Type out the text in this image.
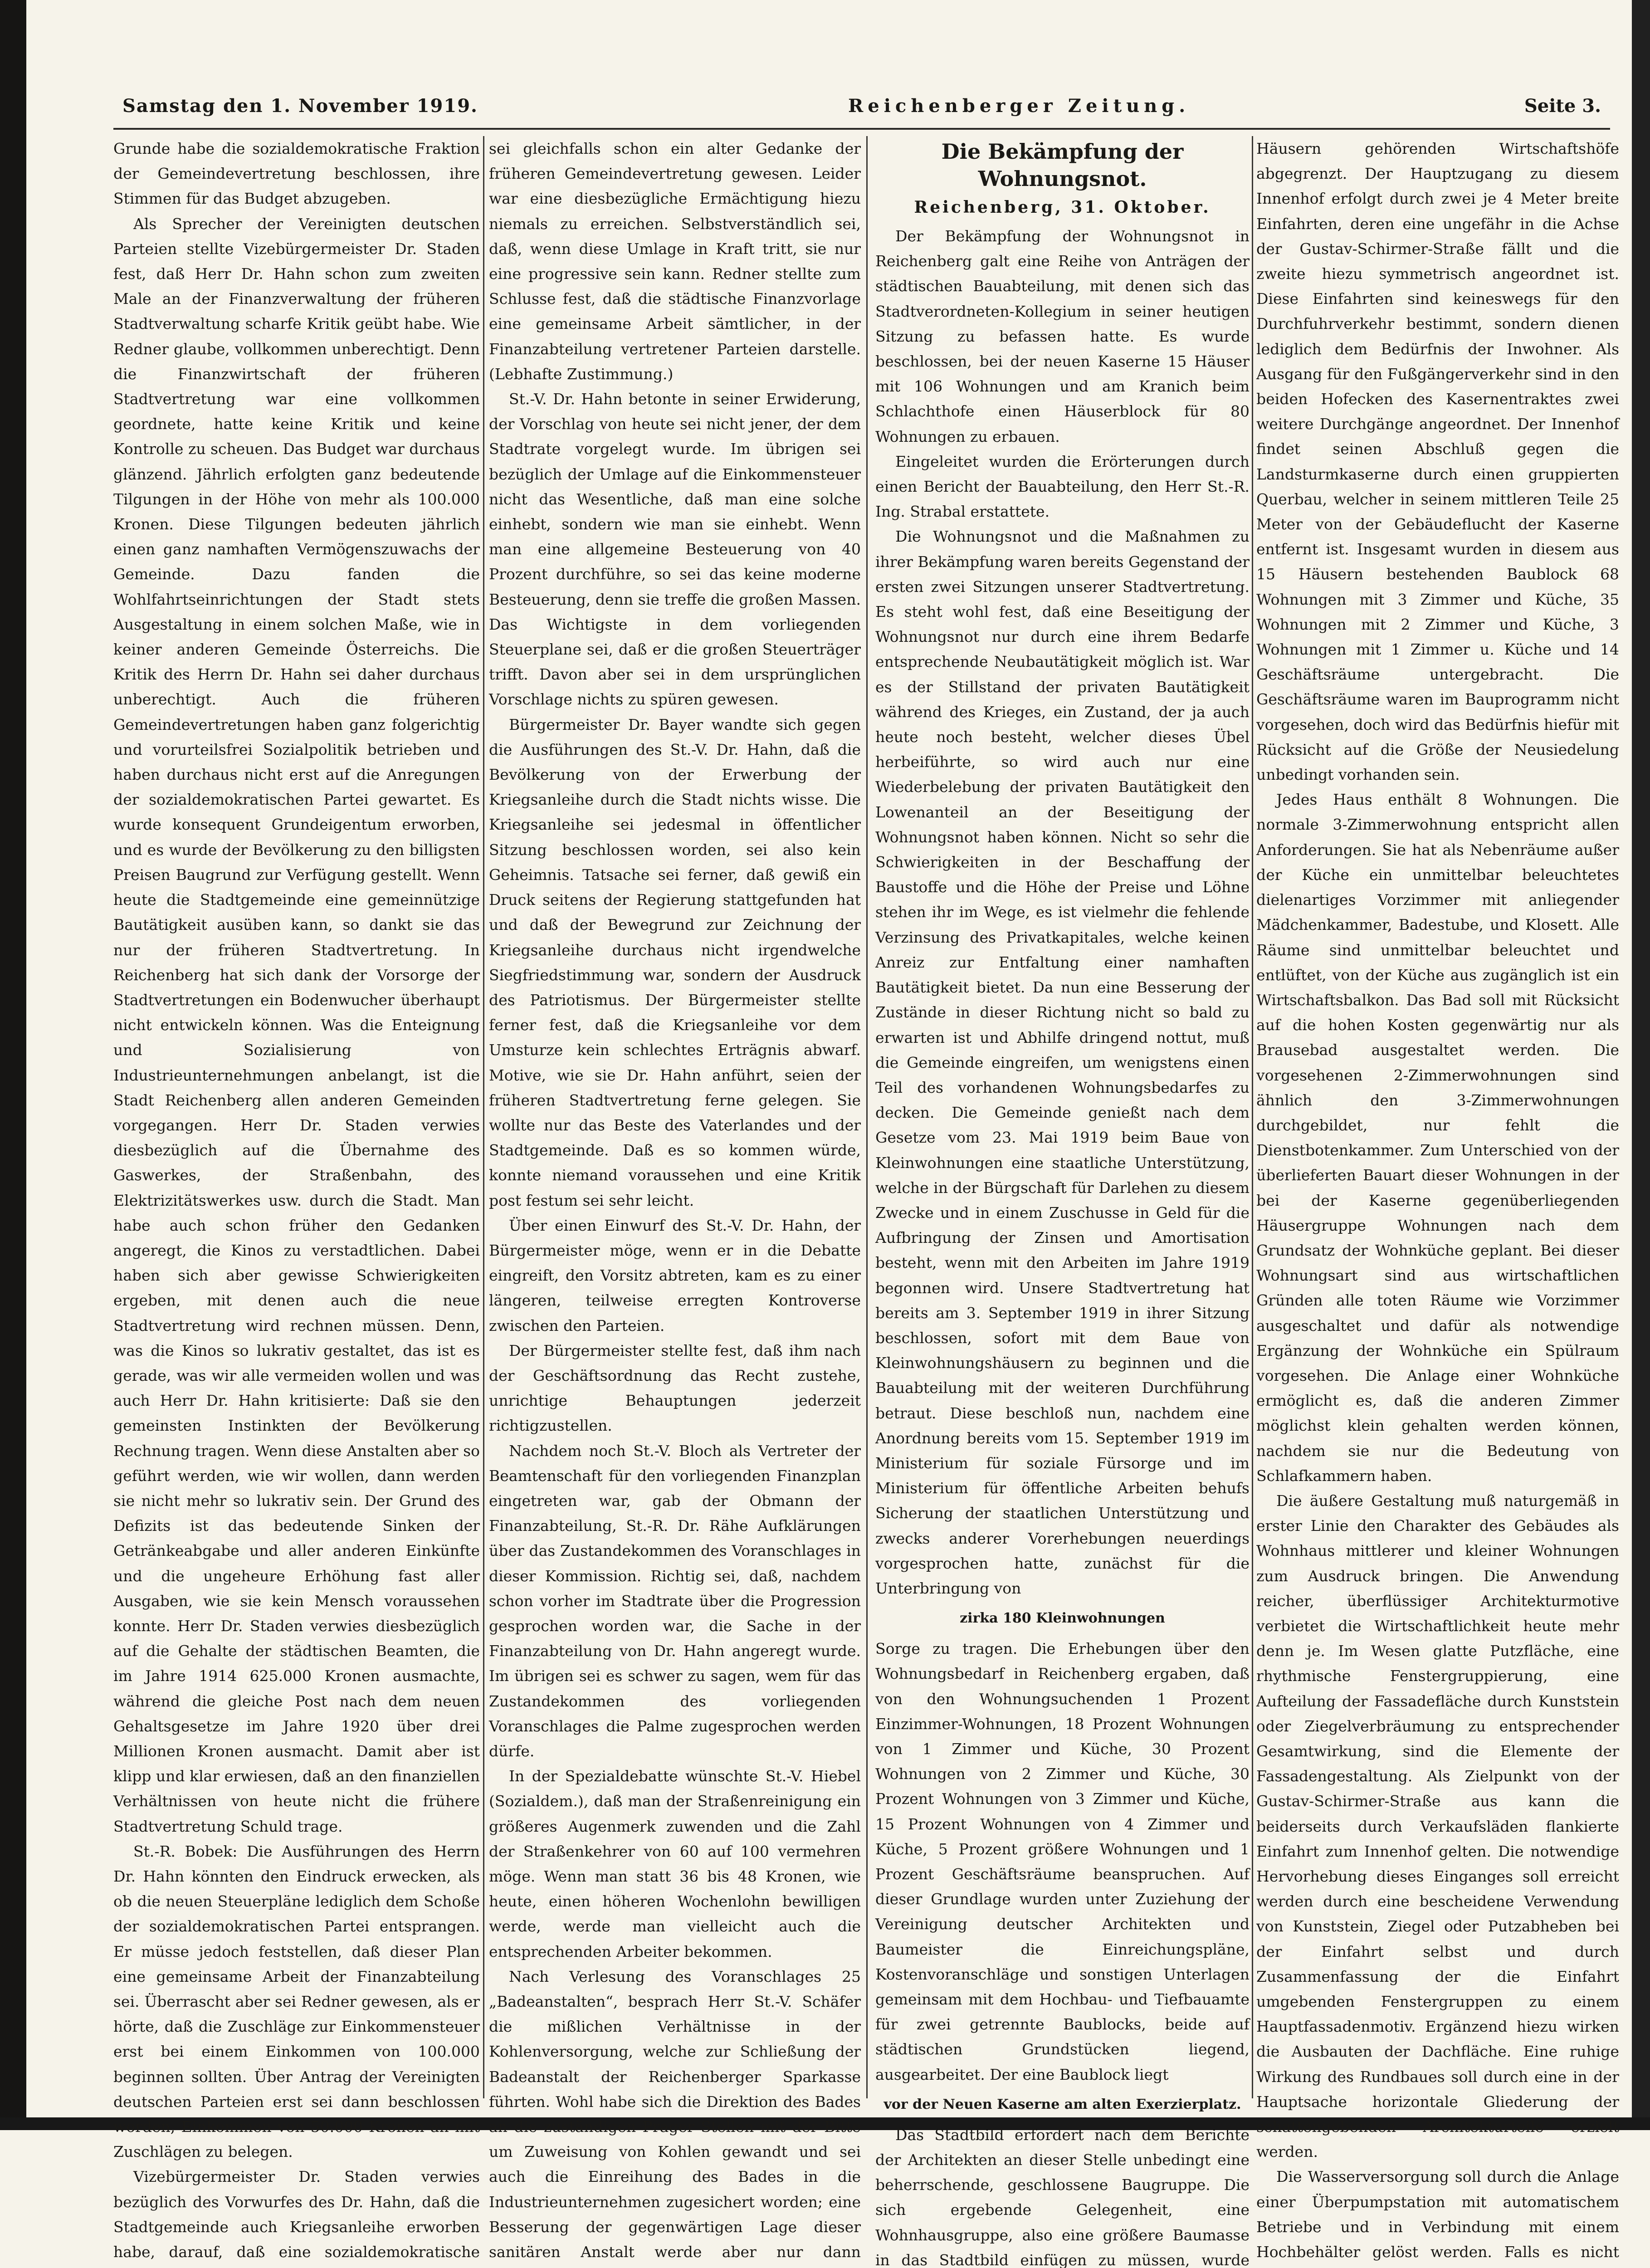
Samstag den 1. November 1919.	Reichenberger Zeitung.	Seite 3.

Grunde habe die sozialdemokratische Fraktion der Gemeindevertretung beschlossen, ihre Stimmen für das Budget abzugeben.

Als Sprecher der Vereinigten deutschen Parteien stellte Vizebürgermeister Dr. Staden fest, daß Herr Dr. Hahn schon zum zweiten Male an der Finanzverwaltung der früheren Stadtverwaltung scharfe Kritik geübt habe. Wie Redner glaube, vollkommen unberechtigt. Denn die Finanzwirtschaft der früheren Stadtvertretung war eine vollkommen geordnete, hatte keine Kritik und keine Kontrolle zu scheuen. Das Budget war durchaus glänzend. Jährlich erfolgten ganz bedeutende Tilgungen in der Höhe von mehr als 100.000 Kronen. Diese Tilgungen bedeuten jährlich einen ganz namhaften Vermögenszuwachs der Gemeinde. Dazu fanden die Wohlfahrtseinrichtungen der Stadt stets Ausgestaltung in einem solchen Maße, wie in keiner anderen Gemeinde Österreichs. Die Kritik des Herrn Dr. Hahn sei daher durchaus unberechtigt. Auch die früheren Gemeindevertretungen haben ganz folgerichtig und vorurteilsfrei Sozialpolitik betrieben und haben durchaus nicht erst auf die Anregungen der sozialdemokratischen Partei gewartet. Es wurde konsequent Grundeigentum erworben, und es wurde der Bevölkerung zu den billigsten Preisen Baugrund zur Verfügung gestellt. Wenn heute die Stadtgemeinde eine gemeinnützige Bautätigkeit ausüben kann, so dankt sie das nur der früheren Stadtvertretung. In Reichenberg hat sich dank der Vorsorge der Stadtvertretungen ein Bodenwucher überhaupt nicht entwickeln können. Was die Enteignung und Sozialisierung von Industrieunternehmungen anbelangt, ist die Stadt Reichenberg allen anderen Gemeinden vorgegangen. Herr Dr. Staden verwies diesbezüglich auf die Übernahme des Gaswerkes, der Straßenbahn, des Elektrizitätswerkes usw. durch die Stadt. Man habe auch schon früher den Gedanken angeregt, die Kinos zu verstadtlichen. Dabei haben sich aber gewisse Schwierigkeiten ergeben, mit denen auch die neue Stadtvertretung wird rechnen müssen. Denn, was die Kinos so lukrativ gestaltet, das ist es gerade, was wir alle vermeiden wollen und was auch Herr Dr. Hahn kritisierte: Daß sie den gemeinsten Instinkten der Bevölkerung Rechnung tragen. Wenn diese Anstalten aber so geführt werden, wie wir wollen, dann werden sie nicht mehr so lukrativ sein. Der Grund des Defizits ist das bedeutende Sinken der Getränkeabgabe und aller anderen Einkünfte und die ungeheure Erhöhung fast aller Ausgaben, wie sie kein Mensch voraussehen konnte. Herr Dr. Staden verwies diesbezüglich auf die Gehalte der städtischen Beamten, die im Jahre 1914 625.000 Kronen ausmachte, während die gleiche Post nach dem neuen Gehaltsgesetze im Jahre 1920 über drei Millionen Kronen ausmacht. Damit aber ist klipp und klar erwiesen, daß an den finanziellen Verhältnissen von heute nicht die frühere Stadtvertretung Schuld trage.

St.-R. Bobek: Die Ausführungen des Herrn Dr. Hahn könnten den Eindruck erwecken, als ob die neuen Steuerpläne lediglich dem Schoße der sozialdemokratischen Partei entsprangen. Er müsse jedoch feststellen, daß dieser Plan eine gemeinsame Arbeit der Finanzabteilung sei. Überrascht aber sei Redner gewesen, als er hörte, daß die Zuschläge zur Einkommensteuer erst bei einem Einkommen von 100.000 beginnen sollten. Über Antrag der Vereinigten deutschen Parteien erst sei dann beschlossen worden, Einkommen von 50.000 Kronen an mit Zuschlägen zu belegen.

Vizebürgermeister Dr. Staden verwies bezüglich des Vorwurfes des Dr. Hahn, daß die Stadtgemeinde auch Kriegsanleihe erworben habe, darauf, daß eine sozialdemokratische

sei gleichfalls schon ein alter Gedanke der früheren Gemeindevertretung gewesen. Leider war eine diesbezügliche Ermächtigung hiezu niemals zu erreichen. Selbstverständlich sei, daß, wenn diese Umlage in Kraft tritt, sie nur eine progressive sein kann. Redner stellte zum Schlusse fest, daß die städtische Finanzvorlage eine gemeinsame Arbeit sämtlicher, in der Finanzabteilung vertretener Parteien darstelle. (Lebhafte Zustimmung.)

St.-V. Dr. Hahn betonte in seiner Erwiderung, der Vorschlag von heute sei nicht jener, der dem Stadtrate vorgelegt wurde. Im übrigen sei bezüglich der Umlage auf die Einkommensteuer nicht das Wesentliche, daß man eine solche einhebt, sondern wie man sie einhebt. Wenn man eine allgemeine Besteuerung von 40 Prozent durchführe, so sei das keine moderne Besteuerung, denn sie treffe die großen Massen. Das Wichtigste in dem vorliegenden Steuerplane sei, daß er die großen Steuerträger trifft. Davon aber sei in dem ursprünglichen Vorschlage nichts zu spüren gewesen.

Bürgermeister Dr. Bayer wandte sich gegen die Ausführungen des St.-V. Dr. Hahn, daß die Bevölkerung von der Erwerbung der Kriegsanleihe durch die Stadt nichts wisse. Die Kriegsanleihe sei jedesmal in öffentlicher Sitzung beschlossen worden, sei also kein Geheimnis. Tatsache sei ferner, daß gewiß ein Druck seitens der Regierung stattgefunden hat und daß der Bewegrund zur Zeichnung der Kriegsanleihe durchaus nicht irgendwelche Siegfriedstimmung war, sondern der Ausdruck des Patriotismus. Der Bürgermeister stellte ferner fest, daß die Kriegsanleihe vor dem Umsturze kein schlechtes Erträgnis abwarf. Motive, wie sie Dr. Hahn anführt, seien der früheren Stadtvertretung ferne gelegen. Sie wollte nur das Beste des Vaterlandes und der Stadtgemeinde. Daß es so kommen würde, konnte niemand voraussehen und eine Kritik post festum sei sehr leicht.

Über einen Einwurf des St.-V. Dr. Hahn, der Bürgermeister möge, wenn er in die Debatte eingreift, den Vorsitz abtreten, kam es zu einer längeren, teilweise erregten Kontroverse zwischen den Parteien.

Der Bürgermeister stellte fest, daß ihm nach der Geschäftsordnung das Recht zustehe, unrichtige Behauptungen jederzeit richtigzustellen.

Nachdem noch St.-V. Bloch als Vertreter der Beamtenschaft für den vorliegenden Finanzplan eingetreten war, gab der Obmann der Finanzabteilung, St.-R. Dr. Rähe Aufklärungen über das Zustandekommen des Voranschlages in dieser Kommission. Richtig sei, daß, nachdem schon vorher im Stadtrate über die Progression gesprochen worden war, die Sache in der Finanzabteilung von Dr. Hahn angeregt wurde. Im übrigen sei es schwer zu sagen, wem für das Zustandekommen des vorliegenden Voranschlages die Palme zugesprochen werden dürfe.

In der Spezialdebatte wünschte St.-V. Hiebel (Sozialdem.), daß man der Straßenreinigung ein größeres Augenmerk zuwenden und die Zahl der Straßenkehrer von 60 auf 100 vermehren möge. Wenn man statt 36 bis 48 Kronen, wie heute, einen höheren Wochenlohn bewilligen werde, werde man vielleicht auch die entsprechenden Arbeiter bekommen.

Nach Verlesung des Voranschlages 25 „Badeanstalten“, besprach Herr St.-V. Schäfer die mißlichen Verhältnisse in der Kohlenversorgung, welche zur Schließung der Badeanstalt der Reichenberger Sparkasse führten. Wohl habe sich die Direktion des Bades an die zuständigen Prager Stellen mit der Bitte um Zuweisung von Kohlen gewandt und sei auch die Einreihung des Bades in die Industrieunternehmen zugesichert worden; eine Besserung der gegenwärtigen Lage dieser sanitären Anstalt werde aber nur dann

Die Bekämpfung der Wohnungsnot.
Reichenberg, 31. Oktober.

Der Bekämpfung der Wohnungsnot in Reichenberg galt eine Reihe von Anträgen der städtischen Bauabteilung, mit denen sich das Stadtverordneten-Kollegium in seiner heutigen Sitzung zu befassen hatte. Es wurde beschlossen, bei der neuen Kaserne 15 Häuser mit 106 Wohnungen und am Kranich beim Schlachthofe einen Häuserblock für 80 Wohnungen zu erbauen.

Eingeleitet wurden die Erörterungen durch einen Bericht der Bauabteilung, den Herr St.-R. Ing. Strabal erstattete.

Die Wohnungsnot und die Maßnahmen zu ihrer Bekämpfung waren bereits Gegenstand der ersten zwei Sitzungen unserer Stadtvertretung. Es steht wohl fest, daß eine Beseitigung der Wohnungsnot nur durch eine ihrem Bedarfe entsprechende Neubautätigkeit möglich ist. War es der Stillstand der privaten Bautätigkeit während des Krieges, ein Zustand, der ja auch heute noch besteht, welcher dieses Übel herbeiführte, so wird auch nur eine Wiederbelebung der privaten Bautätigkeit den Lowenanteil an der Beseitigung der Wohnungsnot haben können. Nicht so sehr die Schwierigkeiten in der Beschaffung der Baustoffe und die Höhe der Preise und Löhne stehen ihr im Wege, es ist vielmehr die fehlende Verzinsung des Privatkapitales, welche keinen Anreiz zur Entfaltung einer namhaften Bautätigkeit bietet. Da nun eine Besserung der Zustände in dieser Richtung nicht so bald zu erwarten ist und Abhilfe dringend nottut, muß die Gemeinde eingreifen, um wenigstens einen Teil des vorhandenen Wohnungsbedarfes zu decken. Die Gemeinde genießt nach dem Gesetze vom 23. Mai 1919 beim Baue von Kleinwohnungen eine staatliche Unterstützung, welche in der Bürgschaft für Darlehen zu diesem Zwecke und in einem Zuschusse in Geld für die Aufbringung der Zinsen und Amortisation besteht, wenn mit den Arbeiten im Jahre 1919 begonnen wird. Unsere Stadtvertretung hat bereits am 3. September 1919 in ihrer Sitzung beschlossen, sofort mit dem Baue von Kleinwohnungshäusern zu beginnen und die Bauabteilung mit der weiteren Durchführung betraut. Diese beschloß nun, nachdem eine Anordnung bereits vom 15. September 1919 im Ministerium für soziale Fürsorge und im Ministerium für öffentliche Arbeiten behufs Sicherung der staatlichen Unterstützung und zwecks anderer Vorerhebungen neuerdings vorgesprochen hatte, zunächst für die Unterbringung von

zirka 180 Kleinwohnungen

Sorge zu tragen. Die Erhebungen über den Wohnungsbedarf in Reichenberg ergaben, daß von den Wohnungsuchenden 1 Prozent Einzimmer-Wohnungen, 18 Prozent Wohnungen von 1 Zimmer und Küche, 30 Prozent Wohnungen von 2 Zimmer und Küche, 30 Prozent Wohnungen von 3 Zimmer und Küche, 15 Prozent Wohnungen von 4 Zimmer und Küche, 5 Prozent größere Wohnungen und 1 Prozent Geschäftsräume beanspruchen. Auf dieser Grundlage wurden unter Zuziehung der Vereinigung deutscher Architekten und Baumeister die Einreichungspläne, Kostenvoranschläge und sonstigen Unterlagen gemeinsam mit dem Hochbau- und Tiefbauamte für zwei getrennte Baublocks, beide auf städtischen Grundstücken liegend, ausgearbeitet. Der eine Baublock liegt

vor der Neuen Kaserne am alten Exerzierplatz.

Das Stadtbild erfordert nach dem Berichte der Architekten an dieser Stelle unbedingt eine beherrschende, geschlossene Baugruppe. Die sich ergebende Gelegenheit, eine Wohnhausgruppe, also eine größere Baumasse in das Stadtbild einfügen zu müssen, wurde

Häusern gehörenden Wirtschaftshöfe abgegrenzt. Der Hauptzugang zu diesem Innenhof erfolgt durch zwei je 4 Meter breite Einfahrten, deren eine ungefähr in die Achse der Gustav-Schirmer-Straße fällt und die zweite hiezu symmetrisch angeordnet ist. Diese Einfahrten sind keineswegs für den Durchfuhrverkehr bestimmt, sondern dienen lediglich dem Bedürfnis der Inwohner. Als Ausgang für den Fußgängerverkehr sind in den beiden Hofecken des Kasernentraktes zwei weitere Durchgänge angeordnet. Der Innenhof findet seinen Abschluß gegen die Landsturmkaserne durch einen gruppierten Querbau, welcher in seinem mittleren Teile 25 Meter von der Gebäudeflucht der Kaserne entfernt ist. Insgesamt wurden in diesem aus 15 Häusern bestehenden Baublock 68 Wohnungen mit 3 Zimmer und Küche, 35 Wohnungen mit 2 Zimmer und Küche, 3 Wohnungen mit 1 Zimmer u. Küche und 14 Geschäftsräume untergebracht. Die Geschäftsräume waren im Bauprogramm nicht vorgesehen, doch wird das Bedürfnis hiefür mit Rücksicht auf die Größe der Neusiedelung unbedingt vorhanden sein.

Jedes Haus enthält 8 Wohnungen. Die normale 3-Zimmerwohnung entspricht allen Anforderungen. Sie hat als Nebenräume außer der Küche ein unmittelbar beleuchtetes dielenartiges Vorzimmer mit anliegender Mädchenkammer, Badestube, und Klosett. Alle Räume sind unmittelbar beleuchtet und entlüftet, von der Küche aus zugänglich ist ein Wirtschaftsbalkon. Das Bad soll mit Rücksicht auf die hohen Kosten gegenwärtig nur als Brausebad ausgestaltet werden. Die vorgesehenen 2-Zimmerwohnungen sind ähnlich den 3-Zimmerwohnungen durchgebildet, nur fehlt die Dienstbotenkammer. Zum Unterschied von der überlieferten Bauart dieser Wohnungen in der bei der Kaserne gegenüberliegenden Häusergruppe Wohnungen nach dem Grundsatz der Wohnküche geplant. Bei dieser Wohnungsart sind aus wirtschaftlichen Gründen alle toten Räume wie Vorzimmer ausgeschaltet und dafür als notwendige Ergänzung der Wohnküche ein Spülraum vorgesehen. Die Anlage einer Wohnküche ermöglicht es, daß die anderen Zimmer möglichst klein gehalten werden können, nachdem sie nur die Bedeutung von Schlafkammern haben.

Die äußere Gestaltung muß naturgemäß in erster Linie den Charakter des Gebäudes als Wohnhaus mittlerer und kleiner Wohnungen zum Ausdruck bringen. Die Anwendung reicher, überflüssiger Architekturmotive verbietet die Wirtschaftlichkeit heute mehr denn je. Im Wesen glatte Putzfläche, eine rhythmische Fenstergruppierung, eine Aufteilung der Fassadefläche durch Kunststein oder Ziegelverbräumung zu entsprechender Gesamtwirkung, sind die Elemente der Fassadengestaltung. Als Zielpunkt von der Gustav-Schirmer-Straße aus kann die beiderseits durch Verkaufsläden flankierte Einfahrt zum Innenhof gelten. Die notwendige Hervorhebung dieses Einganges soll erreicht werden durch eine bescheidene Verwendung von Kunststein, Ziegel oder Putzabheben bei der Einfahrt selbst und durch Zusammenfassung der die Einfahrt umgebenden Fenstergruppen zu einem Hauptfassadenmotiv. Ergänzend hiezu wirken die Ausbauten der Dachfläche. Eine ruhige Wirkung des Rundbaues soll durch eine in der Hauptsache horizontale Gliederung der schattengebenden Architekturteile erzielt werden.

Die Wasserversorgung soll durch die Anlage einer Überpumpstation mit automatischem Betriebe und in Verbindung mit einem Hochbehälter gelöst werden. Falls es nicht
